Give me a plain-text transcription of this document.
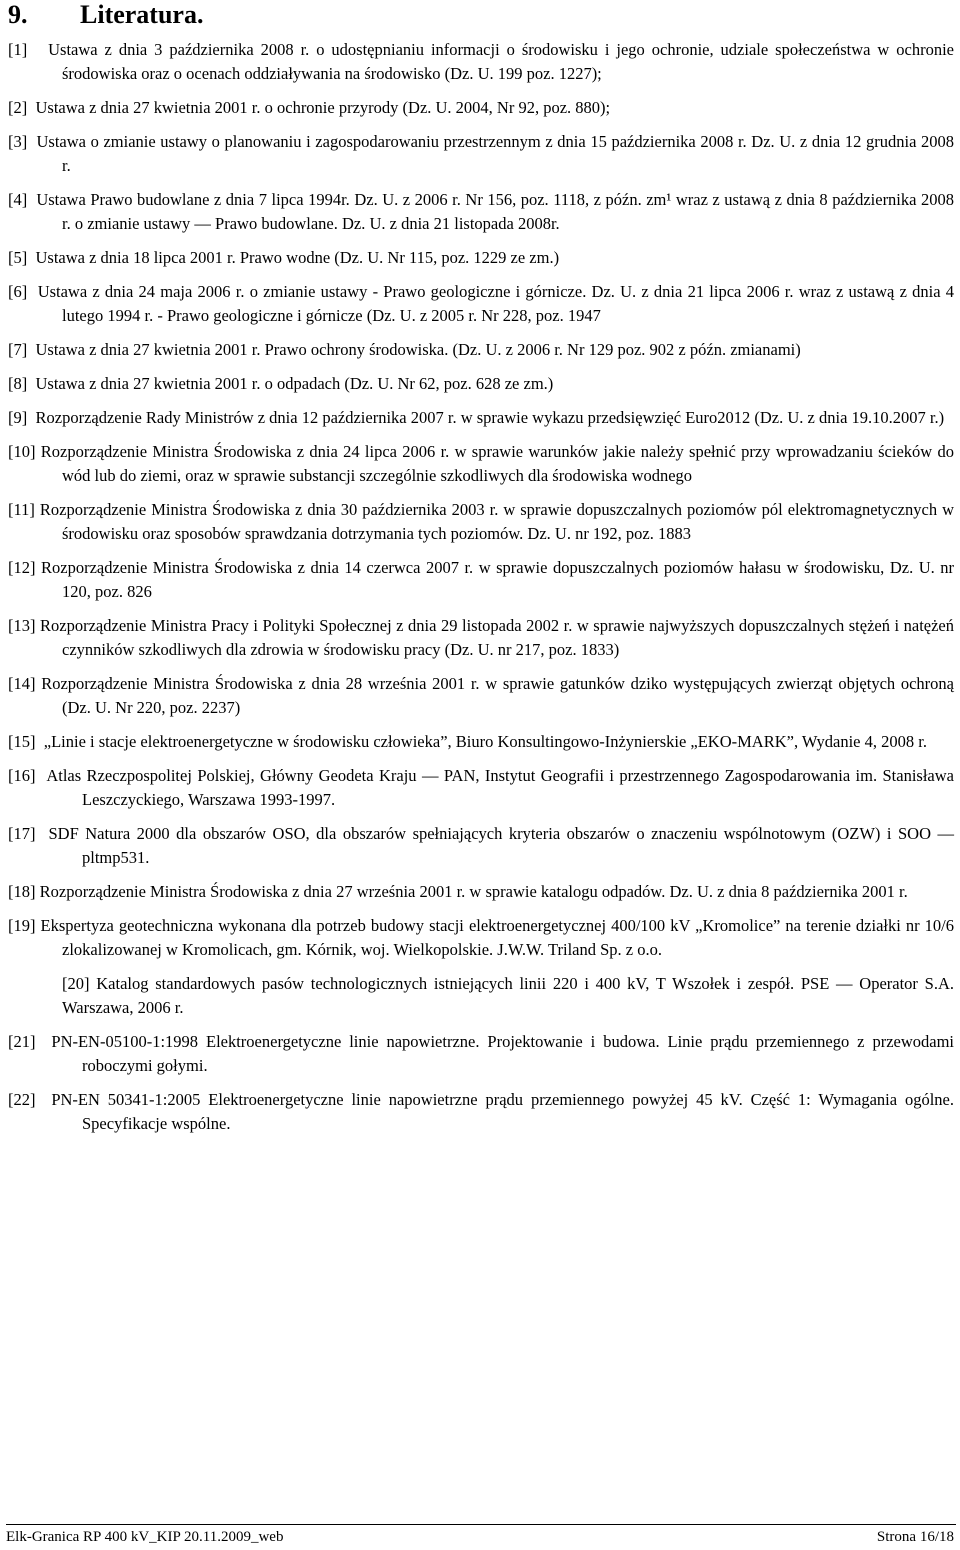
9. Literatura.

[1] Ustawa z dnia 3 października 2008 r. o udostępnianiu informacji o środowisku i jego ochronie, udziale społeczeństwa w ochronie środowiska oraz o ocenach oddziaływania na środowisko (Dz. U. 199 poz. 1227);

[2] Ustawa z dnia 27 kwietnia 2001 r. o ochronie przyrody (Dz. U. 2004, Nr 92, poz. 880);

[3] Ustawa o zmianie ustawy o planowaniu i zagospodarowaniu przestrzennym z dnia 15 października 2008 r. Dz. U. z dnia 12 grudnia 2008 r.

[4] Ustawa Prawo budowlane z dnia 7 lipca 1994r. Dz. U. z 2006 r. Nr 156, poz. 1118, z późn. zm¹ wraz z ustawą z dnia 8 października 2008 r. o zmianie ustawy — Prawo budowlane. Dz. U. z dnia 21 listopada 2008r.

[5] Ustawa z dnia 18 lipca 2001 r. Prawo wodne (Dz. U. Nr 115, poz. 1229 ze zm.)

[6] Ustawa z dnia 24 maja 2006 r. o zmianie ustawy - Prawo geologiczne i górnicze. Dz. U. z dnia 21 lipca 2006 r. wraz z ustawą z dnia 4 lutego 1994 r. - Prawo geologiczne i górnicze (Dz. U. z 2005 r. Nr 228, poz. 1947

[7] Ustawa z dnia 27 kwietnia 2001 r. Prawo ochrony środowiska. (Dz. U. z 2006 r. Nr 129 poz. 902 z późn. zmianami)

[8] Ustawa z dnia 27 kwietnia 2001 r. o odpadach (Dz. U. Nr 62, poz. 628 ze zm.)

[9] Rozporządzenie Rady Ministrów z dnia 12 października 2007 r. w sprawie wykazu przedsięwzięć Euro2012 (Dz. U. z dnia 19.10.2007 r.)

[10] Rozporządzenie Ministra Środowiska z dnia 24 lipca 2006 r. w sprawie warunków jakie należy spełnić przy wprowadzaniu ścieków do wód lub do ziemi, oraz w sprawie substancji szczególnie szkodliwych dla środowiska wodnego

[11] Rozporządzenie Ministra Środowiska z dnia 30 października 2003 r. w sprawie dopuszczalnych poziomów pól elektromagnetycznych w środowisku oraz sposobów sprawdzania dotrzymania tych poziomów. Dz. U. nr 192, poz. 1883

[12] Rozporządzenie Ministra Środowiska z dnia 14 czerwca 2007 r. w sprawie dopuszczalnych poziomów hałasu w środowisku, Dz. U. nr 120, poz. 826

[13] Rozporządzenie Ministra Pracy i Polityki Społecznej z dnia 29 listopada 2002 r. w sprawie najwyższych dopuszczalnych stężeń i natężeń czynników szkodliwych dla zdrowia w środowisku pracy (Dz. U. nr 217, poz. 1833)

[14] Rozporządzenie Ministra Środowiska z dnia 28 września 2001 r. w sprawie gatunków dziko występujących zwierząt objętych ochroną (Dz. U. Nr 220, poz. 2237)

[15] „Linie i stacje elektroenergetyczne w środowisku człowieka”, Biuro Konsultingowo-Inżynierskie „EKO-MARK”, Wydanie 4, 2008 r.

[16] Atlas Rzeczpospolitej Polskiej, Główny Geodeta Kraju — PAN, Instytut Geografii i przestrzennego Zagospodarowania im. Stanisława Leszczyckiego, Warszawa 1993-1997.

[17] SDF Natura 2000 dla obszarów OSO, dla obszarów spełniających kryteria obszarów o znaczeniu wspólnotowym (OZW) i SOO — pltmp531.

[18] Rozporządzenie Ministra Środowiska z dnia 27 września 2001 r. w sprawie katalogu odpadów. Dz. U. z dnia 8 października 2001 r.

[19] Ekspertyza geotechniczna wykonana dla potrzeb budowy stacji elektroenergetycznej 400/100 kV „Kromolice” na terenie działki nr 10/6 zlokalizowanej w Kromolicach, gm. Kórnik, woj. Wielkopolskie. J.W.W. Triland Sp. z o.o.

[20] Katalog standardowych pasów technologicznych istniejących linii 220 i 400 kV, T Wszołek i zespół. PSE — Operator S.A. Warszawa, 2006 r.

[21] PN-EN-05100-1:1998 Elektroenergetyczne linie napowietrzne. Projektowanie i budowa. Linie prądu przemiennego z przewodami roboczymi gołymi.

[22] PN-EN 50341-1:2005 Elektroenergetyczne linie napowietrzne prądu przemiennego powyżej 45 kV. Część 1: Wymagania ogólne. Specyfikacje wspólne.

Elk-Granica RP 400 kV_KIP 20.11.2009_web	Strona 16/18
